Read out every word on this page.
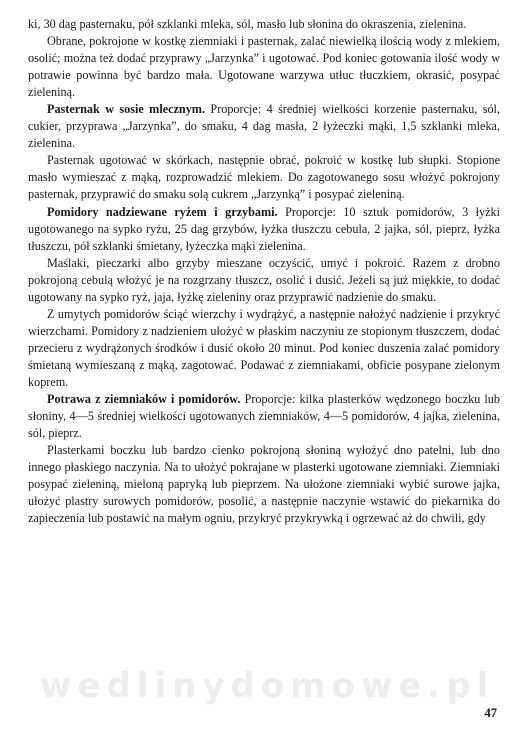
wedlinydomowe.pl

ki, 30 dag pasternaku, pół szklanki mleka, sól, masło lub słonina do okraszenia, zielenina.

Obrane, pokrojone w kostkę ziemniaki i pasternak, zalać niewielką ilością wody z mlekiem, osolić; można też dodać przyprawy „Jarzynka” i ugotować. Pod koniec gotowania ilość wody w potrawie powinna być bardzo mała. Ugotowane warzywa utłuc tłuczkiem, okrasić, posypać zieleniną.

Pasternak w sosie mlecznym. Proporcje: 4 średniej wielkości korzenie pasternaku, sól, cukier, przyprawa „Jarzynka”, do smaku, 4 dag masła, 2 łyżeczki mąki, 1,5 szklanki mleka, zielenina.

Pasternak ugotować w skórkach, następnie obrać, pokroić w kostkę lub słupki. Stopione masło wymieszać z mąką, rozprowadzić mlekiem. Do zagotowanego sosu włożyć pokrojony pasternak, przyprawić do smaku solą cukrem „Jarzynką” i posypać zieleniną.

Pomidory nadziewane ryżem i grzybami. Proporcje: 10 sztuk pomidorów, 3 łyżki ugotowanego na sypko ryżu, 25 dag grzybów, łyżka tłuszczu cebula, 2 jajka, sól, pieprz, łyżka tłuszczu, pół szklanki śmietany, łyżeczka mąki zielenina.

Maślaki, pieczarki albo grzyby mieszane oczyścić, umyć i pokroić. Razem z drobno pokrojoną cebulą włożyć je na rozgrzany tłuszcz, osolić i dusić. Jeżeli są już miękkie, to dodać ugotowany na sypko ryż, jaja, łyżkę zieleniny oraz przyprawić nadzienie do smaku.

Z umytych pomidorów ściąć wierzchy i wydrążyć, a następnie nałożyć nadzienie i przykryć wierzchami. Pomidory z nadzieniem ułożyć w płaskim naczyniu ze stopionym tłuszczem, dodać przecieru z wydrążonych środków i dusić około 20 minut. Pod koniec duszenia zalać pomidory śmietaną wymieszaną z mąką, zagotować. Podawać z ziemniakami, obficie posypane zielonym koprem.

Potrawa z ziemniaków i pomidorów. Proporcje: kilka plasterków wędzonego boczku lub słoniny, 4—5 średniej wielkości ugotowanych ziemniaków, 4—5 pomidorów, 4 jajka, zielenina, sól, pieprz.

Plasterkami boczku lub bardzo cienko pokrojoną słoniną wyłożyć dno patelni, lub dno innego płaskiego naczynia. Na to ułożyć pokrajane w plasterki ugotowane ziemniaki. Ziemniaki posypać zieleniną, mieloną papryką lub pieprzem. Na ułożone ziemniaki wybić surowe jajka, ułożyć plastry surowych pomidorów, posolić, a następnie naczynie wstawić do piekarnika do zapieczenia lub postawić na małym ogniu, przykryć przykrywką i ogrzewać aż do chwili, gdy

47
